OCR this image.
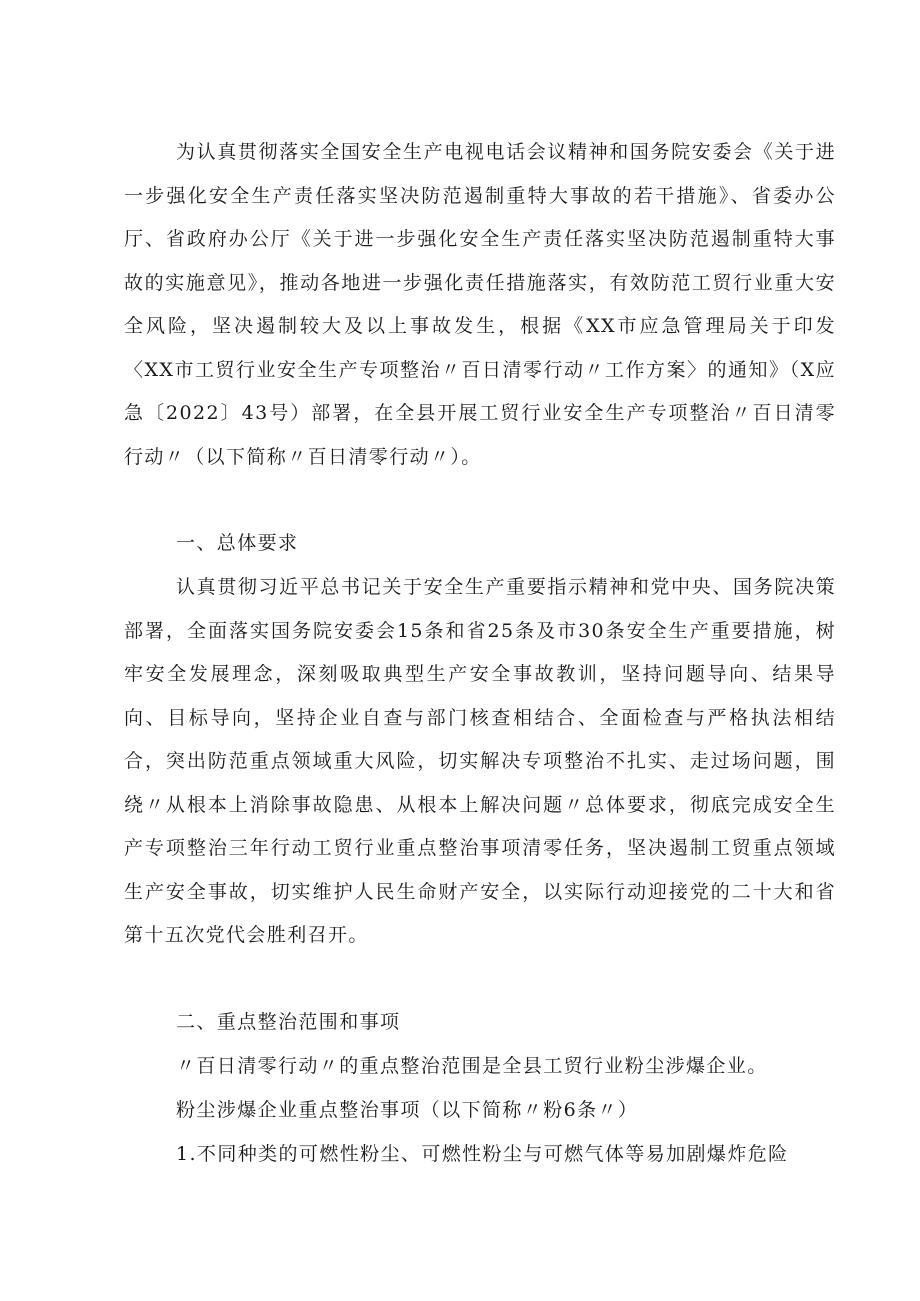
为认真贯彻落实全国安全生产电视电话会议精神和国务院安委会《关于进一步强化安全生产责任落实坚决防范遏制重特大事故的若干措施》、省委办公厅、省政府办公厅《关于进一步强化安全生产责任落实坚决防范遏制重特大事故的实施意见》，推动各地进一步强化责任措施落实，有效防范工贸行业重大安全风险，坚决遏制较大及以上事故发生，根据《XX市应急管理局关于印发〈XX市工贸行业安全生产专项整治〃百日清零行动〃工作方案〉的通知》（X应急〔2022〕43号）部署，在全县开展工贸行业安全生产专项整治〃百日清零行动〃（以下简称〃百日清零行动〃）。

一、总体要求

认真贯彻习近平总书记关于安全生产重要指示精神和党中央、国务院决策部署，全面落实国务院安委会15条和省25条及市30条安全生产重要措施，树牢安全发展理念，深刻吸取典型生产安全事故教训，坚持问题导向、结果导向、目标导向，坚持企业自查与部门核查相结合、全面检查与严格执法相结合，突出防范重点领域重大风险，切实解决专项整治不扎实、走过场问题，围绕〃从根本上消除事故隐患、从根本上解决问题〃总体要求，彻底完成安全生产专项整治三年行动工贸行业重点整治事项清零任务，坚决遏制工贸重点领域生产安全事故，切实维护人民生命财产安全，以实际行动迎接党的二十大和省第十五次党代会胜利召开。

二、重点整治范围和事项

〃百日清零行动〃的重点整治范围是全县工贸行业粉尘涉爆企业。

粉尘涉爆企业重点整治事项（以下简称〃粉6条〃）

1.不同种类的可燃性粉尘、可燃性粉尘与可燃气体等易加剧爆炸危险
